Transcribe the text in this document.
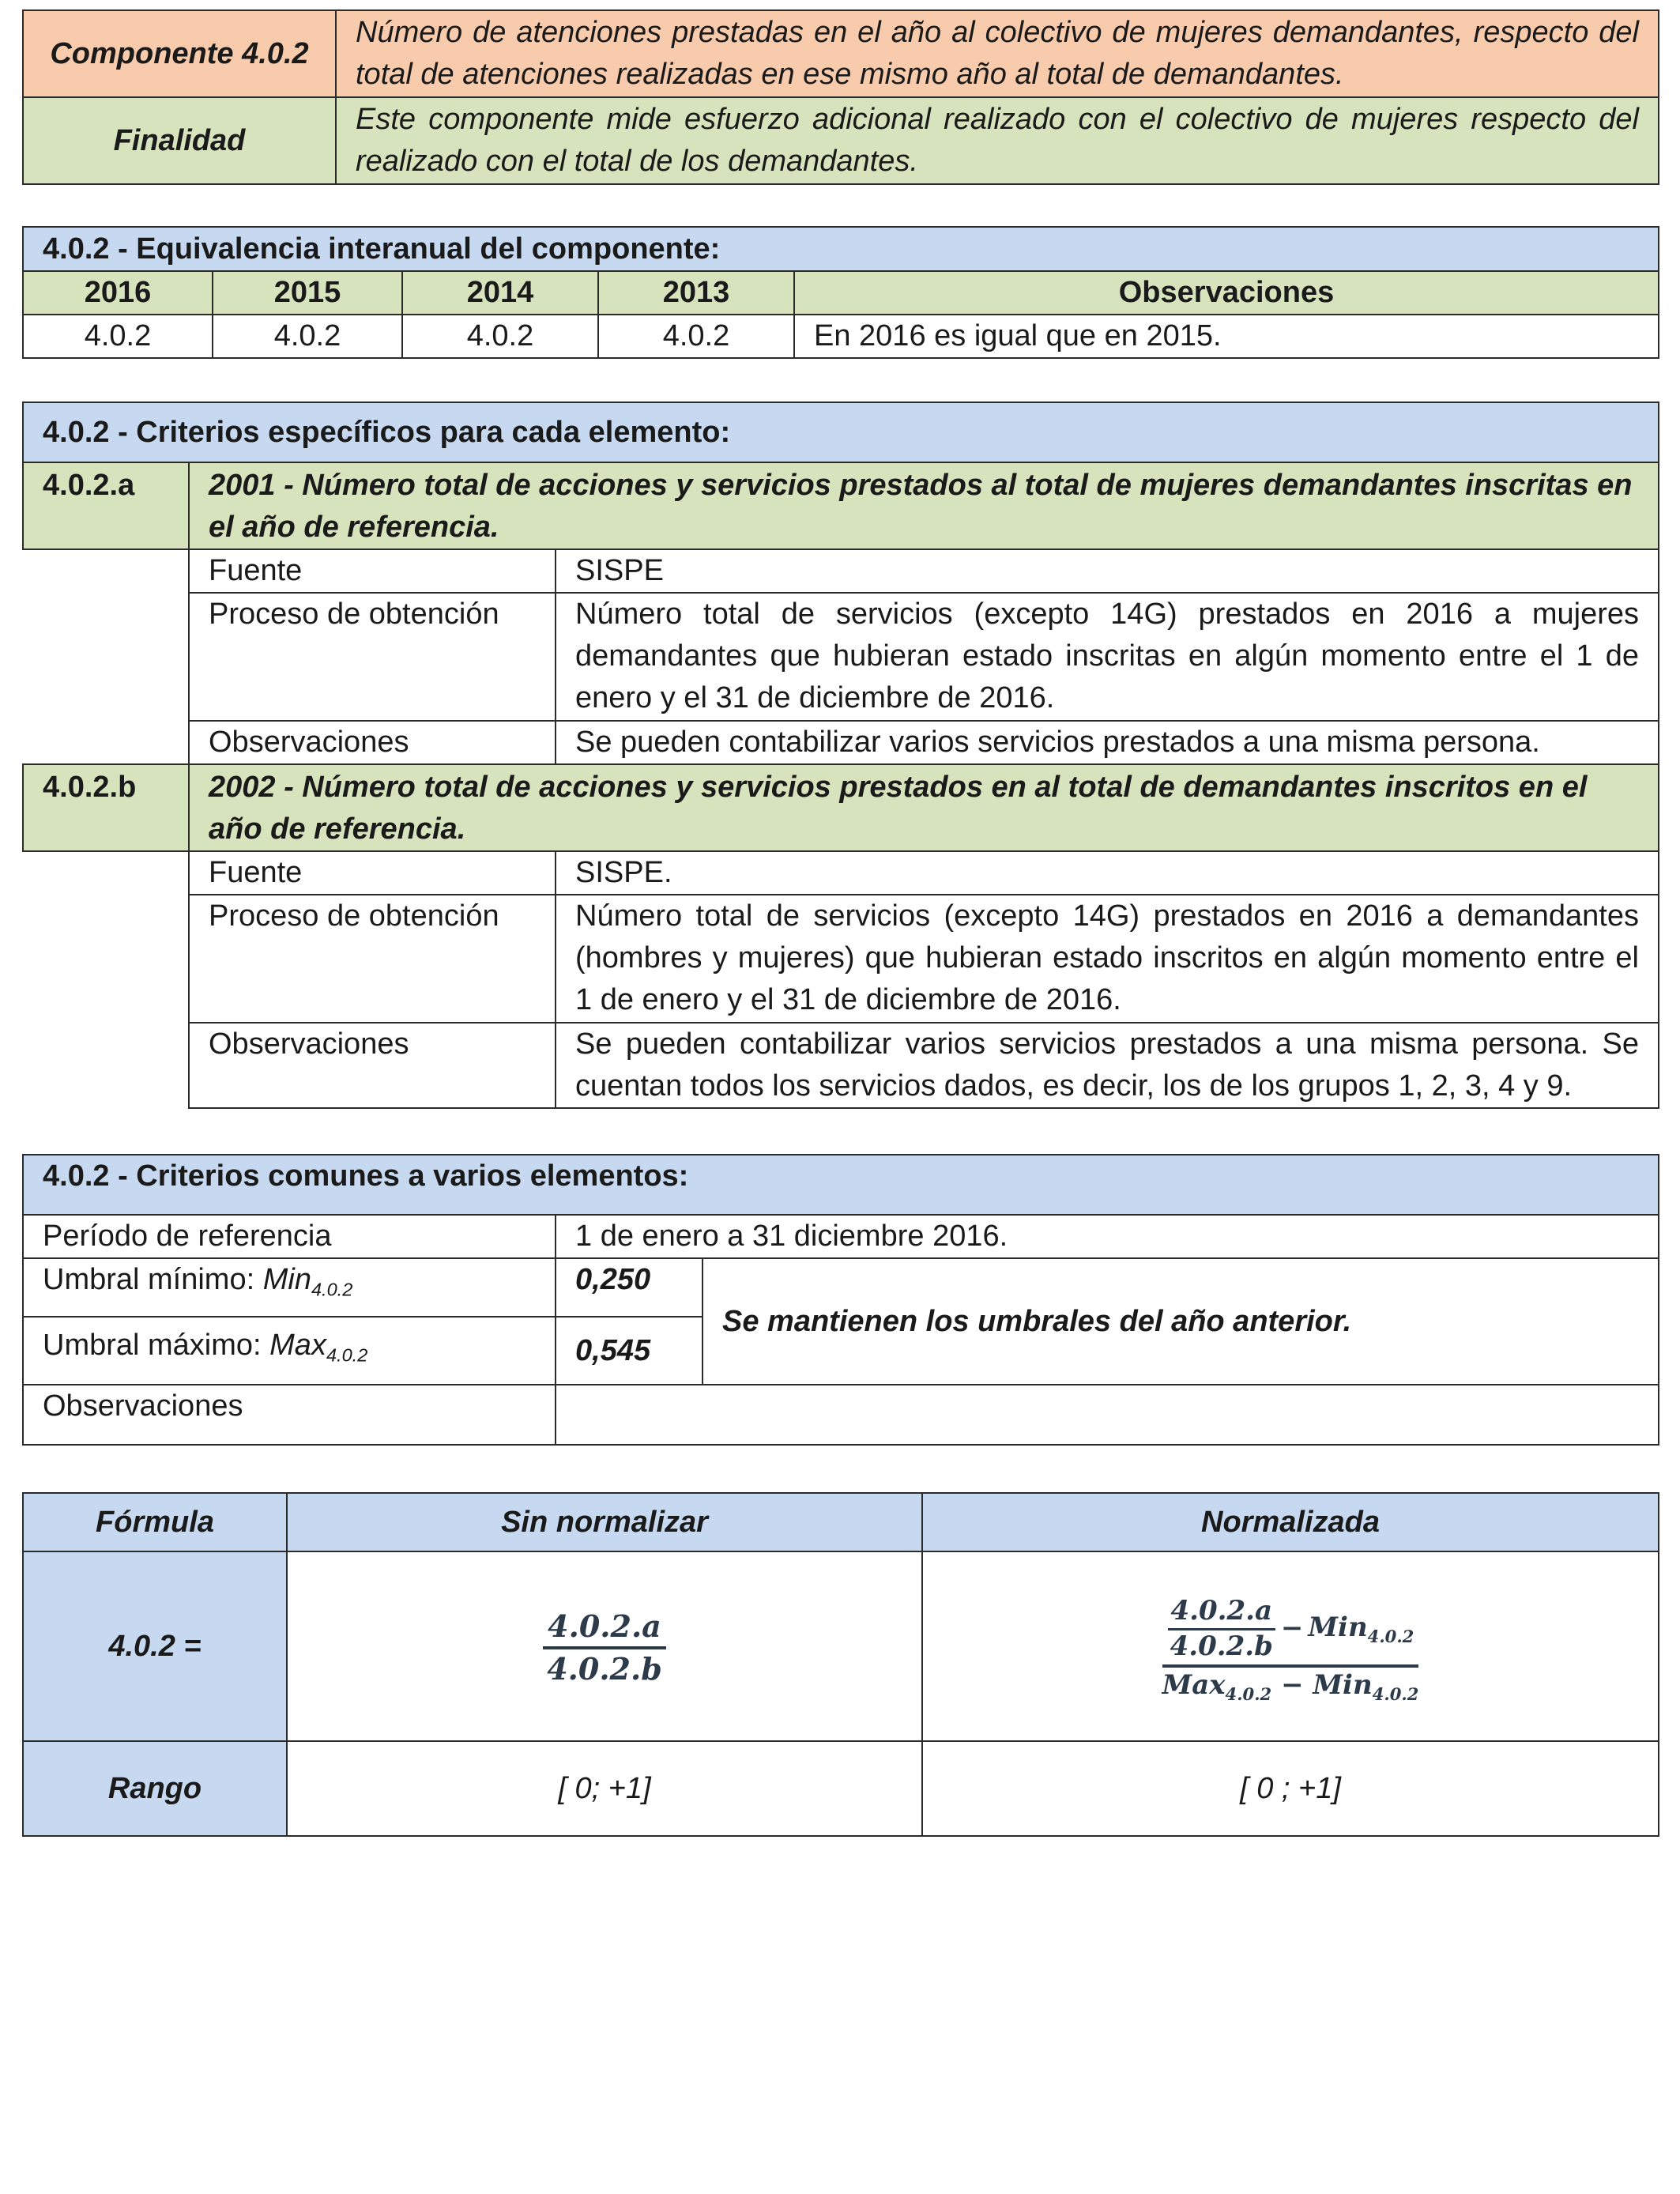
Componente 4.0.2	Número de atenciones prestadas en el año al colectivo de mujeres demandantes, respecto del total de atenciones realizadas en ese mismo año al total de demandantes.
Finalidad	Este componente mide esfuerzo adicional realizado con el colectivo de mujeres respecto del realizado con el total de los demandantes.
4.0.2 - Equivalencia interanual del componente:				
2016	2015	2014	2013	Observaciones
4.0.2	4.0.2	4.0.2	4.0.2	En 2016 es igual que en 2015.
4.0.2 - Criterios específicos para cada elemento:		
4.0.2.a	2001 - Número total de acciones y servicios prestados al total de mujeres demandantes inscritas en el año de referencia.	
	Fuente	SISPE
	Proceso de obtención	Número total de servicios (excepto 14G) prestados en 2016 a mujeres demandantes que hubieran estado inscritas en algún momento entre el 1 de enero y el 31 de diciembre de 2016.
	Observaciones	Se pueden contabilizar varios servicios prestados a una misma persona.
4.0.2.b	2002 - Número total de acciones y servicios prestados en al total de demandantes inscritos en el año de referencia.	
	Fuente	SISPE.
	Proceso de obtención	Número total de servicios (excepto 14G) prestados en 2016 a demandantes (hombres y mujeres) que hubieran estado inscritos en algún momento entre el 1 de enero y el 31 de diciembre de 2016.
	Observaciones	Se pueden contabilizar varios servicios prestados a una misma persona. Se cuentan todos los servicios dados, es decir, los de los grupos 1, 2, 3, 4 y 9.
4.0.2 - Criterios comunes a varios elementos:		
Período de referencia	1 de enero a 31 diciembre 2016.	
Umbral mínimo: Min$_{4.0.2}$	0,250	Se mantienen los umbrales del año anterior.
Umbral máximo: Max$_{4.0.2}$	0,545	
Observaciones		
Fórmula	Sin normalizar	Normalizada
4.0.2 =	$\frac{4.0.2.a}{4.0.2.b}$	$\frac{4.0.2.a}{4.0.2.b} - Min_{4.0.2}$
Max$_{4.0.2}$ − Min$_{4.0.2}$

Rango	[ 0; +1]	[ 0 ; +1]
